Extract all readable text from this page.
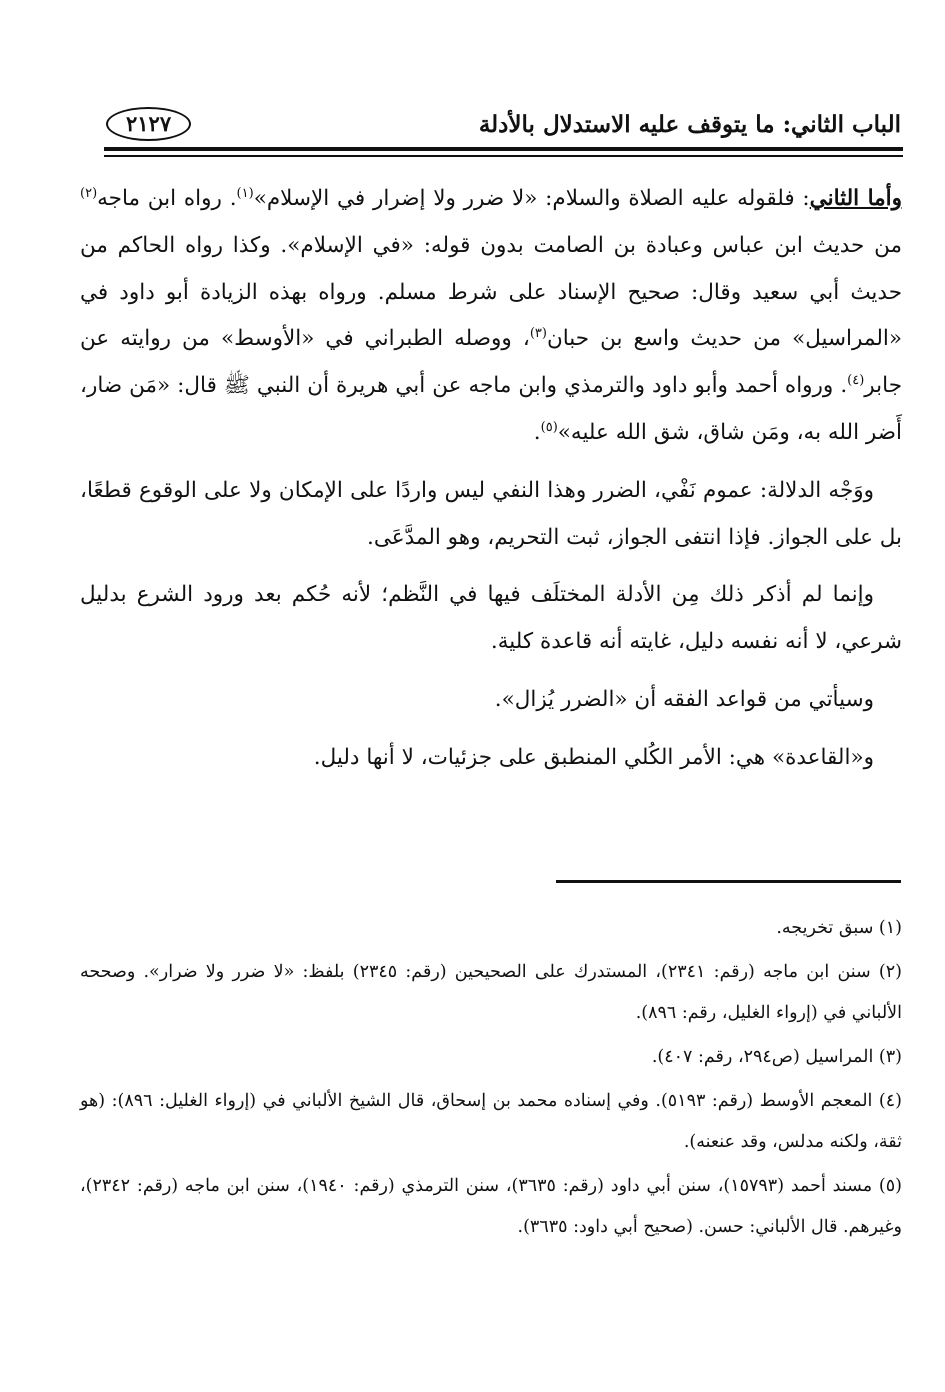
الباب الثاني: ما يتوقف عليه الاستدلال بالأدلة
٢١٢٧

وأما الثاني: فلقوله عليه الصلاة والسلام: «لا ضرر ولا إضرار في الإسلام»$^{(١)}$. رواه ابن ماجه$^{(٢)}$ من حديث ابن عباس وعبادة بن الصامت بدون قوله: «في الإسلام». وكذا رواه الحاكم من حديث أبي سعيد وقال: صحيح الإسناد على شرط مسلم. ورواه بهذه الزيادة أبو داود في «المراسيل» من حديث واسع بن حبان$^{(٣)}$، ووصله الطبراني في «الأوسط» من روايته عن جابر$^{(٤)}$. ورواه أحمد وأبو داود والترمذي وابن ماجه عن أبي هريرة أن النبي ﷺ قال: «مَن ضار، أَضر الله به، ومَن شاق، شق الله عليه»$^{(٥)}$.

ووَجْه الدلالة: عموم نَفْي، الضرر وهذا النفي ليس واردًا على الإمكان ولا على الوقوع قطعًا، بل على الجواز. فإذا انتفى الجواز، ثبت التحريم، وهو المدَّعَى.

وإنما لم أذكر ذلك مِن الأدلة المختلَف فيها في النَّظم؛ لأنه حُكم بعد ورود الشرع بدليل شرعي، لا أنه نفسه دليل، غايته أنه قاعدة كلية.

وسيأتي من قواعد الفقه أن «الضرر يُزال».

و«القاعدة» هي: الأمر الكُلي المنطبق على جزئيات، لا أنها دليل.

(١) سبق تخريجه.

(٢) سنن ابن ماجه (رقم: ٢٣٤١)، المستدرك على الصحيحين (رقم: ٢٣٤٥) بلفظ: «لا ضرر ولا ضرار». وصححه الألباني في (إرواء الغليل، رقم: ٨٩٦).

(٣) المراسيل (ص٢٩٤، رقم: ٤٠٧).

(٤) المعجم الأوسط (رقم: ٥١٩٣). وفي إسناده محمد بن إسحاق، قال الشيخ الألباني في (إرواء الغليل: ٨٩٦): (هو ثقة، ولكنه مدلس، وقد عنعنه).

(٥) مسند أحمد (١٥٧٩٣)، سنن أبي داود (رقم: ٣٦٣٥)، سنن الترمذي (رقم: ١٩٤٠)، سنن ابن ماجه (رقم: ٢٣٤٢)، وغيرهم. قال الألباني: حسن. (صحيح أبي داود: ٣٦٣٥).
